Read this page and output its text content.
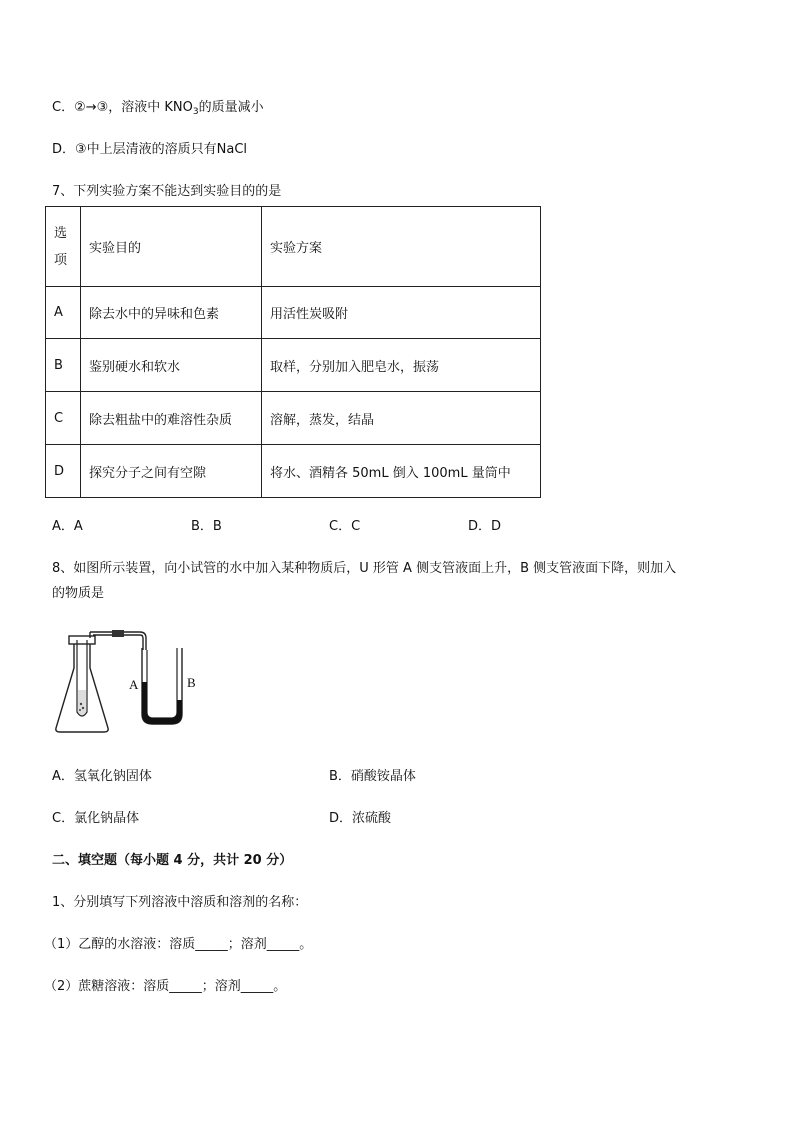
C．②→③，溶液中 $KNO_3$的质量减小
D．③中上层清液的溶质只有NaCl
7、下列实验方案不能达到实验目的的是
选
项	实验目的	实验方案
A	除去水中的异味和色素	用活性炭吸附
B	鉴别硬水和软水	取样，分别加入肥皂水，振荡
C	除去粗盐中的难溶性杂质	溶解，蒸发，结晶
D	探究分子之间有空隙	将水、酒精各 50mL 倒入 100mL 量筒中
A．A	B．B	C．C	D．D
8、如图所示装置，向小试管的水中加入某种物质后，U 形管 A 侧支管液面上升，B 侧支管液面下降，则加入
的物质是
A	B
A．氢氧化钠固体	B．硝酸铵晶体
C．氯化钠晶体	D．浓硫酸
二、填空题（每小题 4 分，共计 20 分）
1、分别填写下列溶液中溶质和溶剂的名称：
（1）乙醇的水溶液：溶质_____；溶剂_____。
（2）蔗糖溶液：溶质_____；溶剂_____。
